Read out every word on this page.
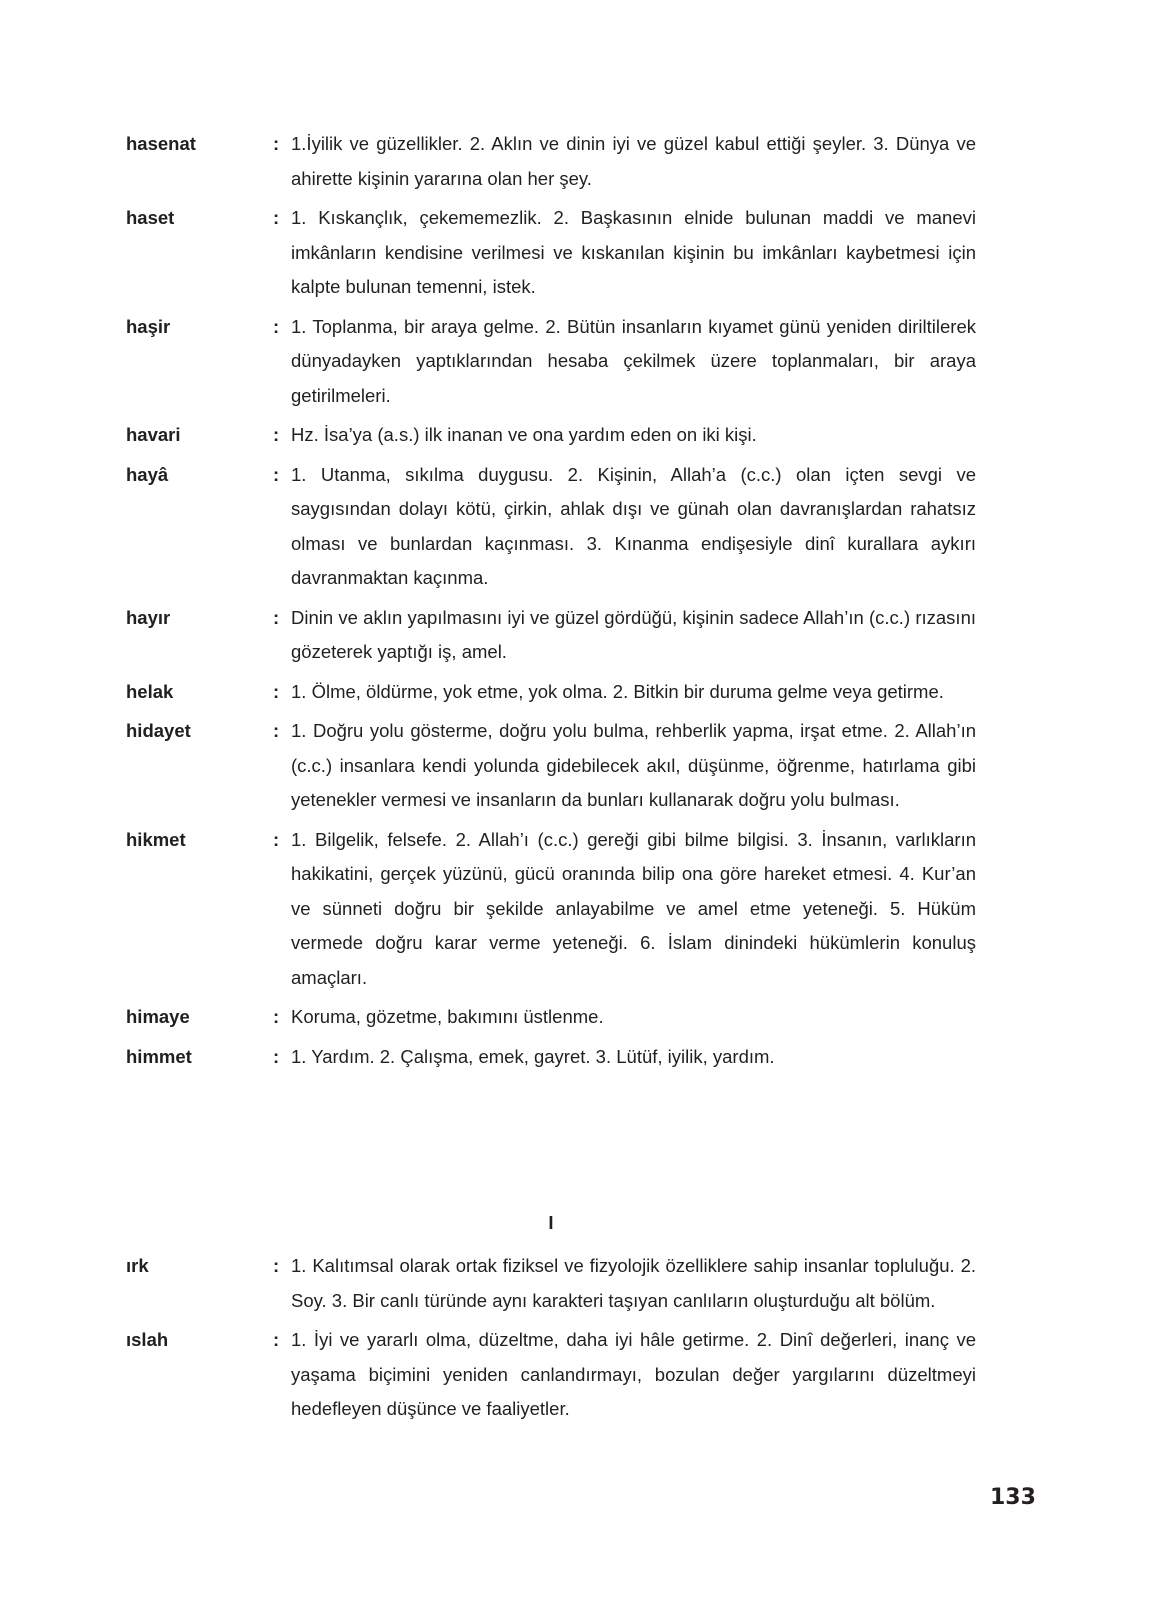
hasenat	: 1.İyilik ve güzellikler. 2. Aklın ve dinin iyi ve güzel kabul ettiği şeyler. 3. Dünya ve ahirette kişinin yararına olan her şey.
haset	: 1. Kıskançlık, çekememezlik. 2. Başkasının elnide bulunan maddi ve manevi imkânların kendisine verilmesi ve kıskanılan kişinin bu imkânları kaybetmesi için kalpte bulunan temenni, istek.
haşir	: 1. Toplanma, bir araya gelme. 2. Bütün insanların kıyamet günü yeniden diriltilerek dünyadayken yaptıklarından hesaba çekilmek üzere toplanmaları, bir araya getirilmeleri.
havari	: Hz. İsa’ya (a.s.) ilk inanan ve ona yardım eden on iki kişi.
hayâ	: 1. Utanma, sıkılma duygusu. 2. Kişinin, Allah’a (c.c.) olan içten sevgi ve saygısından dolayı kötü, çirkin, ahlak dışı ve günah olan davranışlardan rahatsız olması ve bunlardan kaçınması. 3. Kınanma endişesiyle dinî kurallara aykırı davranmaktan kaçınma.
hayır	: Dinin ve aklın yapılmasını iyi ve güzel gördüğü, kişinin sadece Allah’ın (c.c.) rızasını gözeterek yaptığı iş, amel.
helak	: 1. Ölme, öldürme, yok etme, yok olma. 2. Bitkin bir duruma gelme veya getirme.
hidayet	: 1. Doğru yolu gösterme, doğru yolu bulma, rehberlik yapma, irşat etme. 2. Allah’ın (c.c.) insanlara kendi yolunda gidebilecek akıl, düşünme, öğrenme, hatırlama gibi yetenekler vermesi ve insanların da bunları kullanarak doğru yolu bulması.
hikmet	: 1. Bilgelik, felsefe. 2. Allah’ı (c.c.) gereği gibi bilme bilgisi. 3. İnsanın, varlıkların hakikatini, gerçek yüzünü, gücü oranında bilip ona göre hareket etmesi. 4. Kur’an ve sünneti doğru bir şekilde anlayabilme ve amel etme yeteneği. 5. Hüküm vermede doğru karar verme yeteneği. 6. İslam dinindeki hükümlerin konuluş amaçları.
himaye	: Koruma, gözetme, bakımını üstlenme.
himmet	: 1. Yardım. 2. Çalışma, emek, gayret. 3. Lütüf, iyilik, yardım.
I
ırk	: 1. Kalıtımsal olarak ortak fiziksel ve fizyolojik özelliklere sahip insanlar topluluğu. 2. Soy. 3. Bir canlı türünde aynı karakteri taşıyan canlıların oluşturduğu alt bölüm.
ıslah	: 1. İyi ve yararlı olma, düzeltme, daha iyi hâle getirme. 2. Dinî değerleri, inanç ve yaşama biçimini yeniden canlandırmayı, bozulan değer yargılarını düzeltmeyi hedefleyen düşünce ve faaliyetler.
133
